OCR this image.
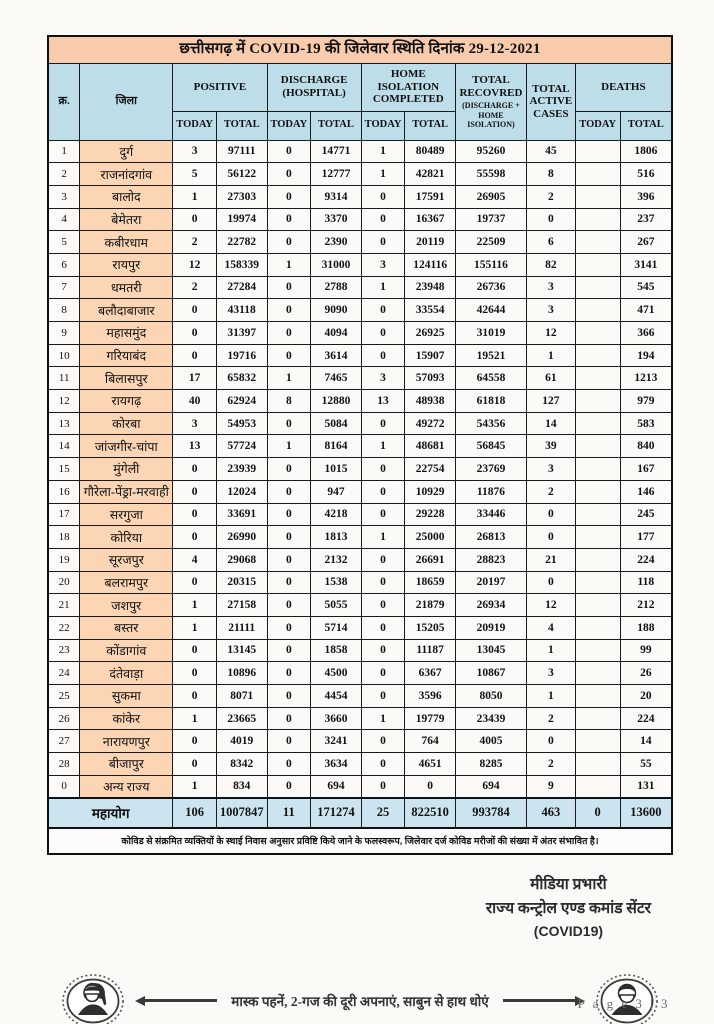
छत्तीसगढ़ में COVID-19 की जिलेवार स्थिति दिनांक 29-12-2021											
क्र.	जिला	POSITIVE		DISCHARGE (HOSPITAL)		HOME ISOLATION COMPLETED		TOTAL RECOVRED
(DISCHARGE + HOME ISOLATION)	TOTAL ACTIVE CASES	DEATHS	
		TODAY	TOTAL	TODAY	TOTAL	TODAY	TOTAL			TODAY	TOTAL
1	दुर्ग	3	97111	0	14771	1	80489	95260	45		1806
2	राजनांदगांव	5	56122	0	12777	1	42821	55598	8		516
3	बालोद	1	27303	0	9314	0	17591	26905	2		396
4	बेमेतरा	0	19974	0	3370	0	16367	19737	0		237
5	कबीरधाम	2	22782	0	2390	0	20119	22509	6		267
6	रायपुर	12	158339	1	31000	3	124116	155116	82		3141
7	धमतरी	2	27284	0	2788	1	23948	26736	3		545
8	बलौदाबाजार	0	43118	0	9090	0	33554	42644	3		471
9	महासमुंद	0	31397	0	4094	0	26925	31019	12		366
10	गरियाबंद	0	19716	0	3614	0	15907	19521	1		194
11	बिलासपुर	17	65832	1	7465	3	57093	64558	61		1213
12	रायगढ़	40	62924	8	12880	13	48938	61818	127		979
13	कोरबा	3	54953	0	5084	0	49272	54356	14		583
14	जांजगीर-चांपा	13	57724	1	8164	1	48681	56845	39		840
15	मुंगेली	0	23939	0	1015	0	22754	23769	3		167
16	गौरेला-पेंड्रा-मरवाही	0	12024	0	947	0	10929	11876	2		146
17	सरगुजा	0	33691	0	4218	0	29228	33446	0		245
18	कोरिया	0	26990	0	1813	1	25000	26813	0		177
19	सूरजपुर	4	29068	0	2132	0	26691	28823	21		224
20	बलरामपुर	0	20315	0	1538	0	18659	20197	0		118
21	जशपुर	1	27158	0	5055	0	21879	26934	12		212
22	बस्तर	1	21111	0	5714	0	15205	20919	4		188
23	कोंडागांव	0	13145	0	1858	0	11187	13045	1		99
24	दंतेवाड़ा	0	10896	0	4500	0	6367	10867	3		26
25	सुकमा	0	8071	0	4454	0	3596	8050	1		20
26	कांकेर	1	23665	0	3660	1	19779	23439	2		224
27	नारायणपुर	0	4019	0	3241	0	764	4005	0		14
28	बीजापुर	0	8342	0	3634	0	4651	8285	2		55
0	अन्य राज्य	1	834	0	694	0	0	694	9		131
महायोग		106	1007847	11	171274	25	822510	993784	463	0	13600
कोविड से संक्रमित व्यक्तियों के स्थाई निवास अनुसार प्रविष्टि किये जाने के फलस्वरूप, जिलेवार दर्ज कोविड मरीजों की संख्या में अंतर संभावित है।											
मीडिया प्रभारी
राज्य कन्ट्रोल एण्ड कमांड सेंटर
(COVID19)
मास्क पहनें, 2-गज की दूरी अपनाएं, साबुन से हाथ धोएं	P a g e 3 | 3
